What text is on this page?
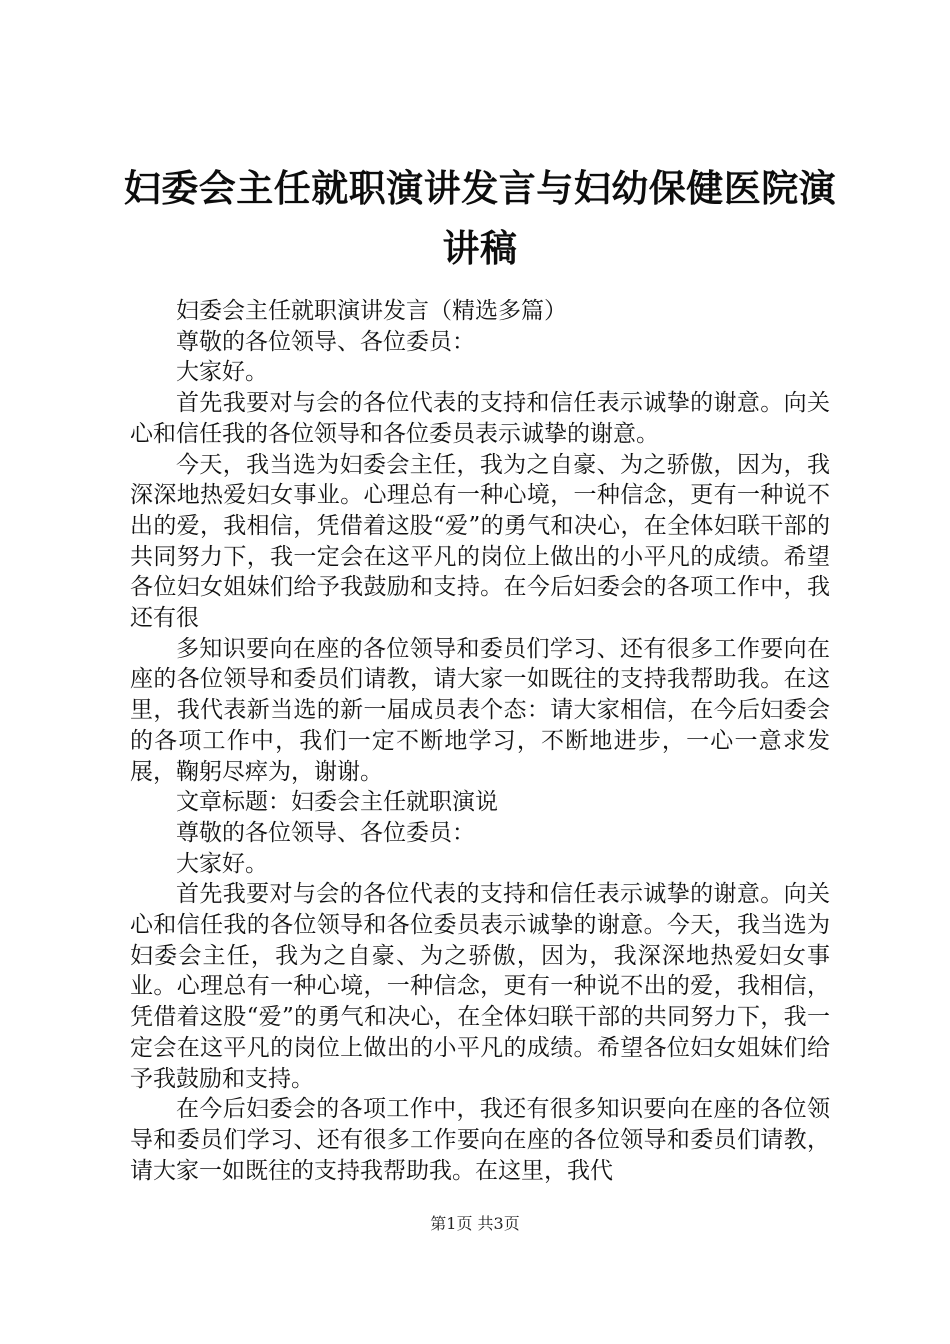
妇委会主任就职演讲发言与妇幼保健医院演讲稿

妇委会主任就职演讲发言（精选多篇）

尊敬的各位领导、各位委员：

大家好。

首先我要对与会的各位代表的支持和信任表示诚挚的谢意。向关心和信任我的各位领导和各位委员表示诚挚的谢意。

今天，我当选为妇委会主任，我为之自豪、为之骄傲，因为，我深深地热爱妇女事业。心理总有一种心境，一种信念，更有一种说不出的爱，我相信，凭借着这股“爱”的勇气和决心，在全体妇联干部的共同努力下，我一定会在这平凡的岗位上做出的小平凡的成绩。希望各位妇女姐妹们给予我鼓励和支持。在今后妇委会的各项工作中，我还有很

多知识要向在座的各位领导和委员们学习、还有很多工作要向在座的各位领导和委员们请教，请大家一如既往的支持我帮助我。在这里，我代表新当选的新一届成员表个态：请大家相信，在今后妇委会的各项工作中，我们一定不断地学习，不断地进步，一心一意求发展，鞠躬尽瘁为，谢谢。

文章标题：妇委会主任就职演说

尊敬的各位领导、各位委员：

大家好。

首先我要对与会的各位代表的支持和信任表示诚挚的谢意。向关心和信任我的各位领导和各位委员表示诚挚的谢意。今天，我当选为妇委会主任，我为之自豪、为之骄傲，因为，我深深地热爱妇女事业。心理总有一种心境，一种信念，更有一种说不出的爱，我相信，凭借着这股“爱”的勇气和决心，在全体妇联干部的共同努力下，我一定会在这平凡的岗位上做出的小平凡的成绩。希望各位妇女姐妹们给予我鼓励和支持。

在今后妇委会的各项工作中，我还有很多知识要向在座的各位领导和委员们学习、还有很多工作要向在座的各位领导和委员们请教，请大家一如既往的支持我帮助我。在这里，我代

第1页 共3页
